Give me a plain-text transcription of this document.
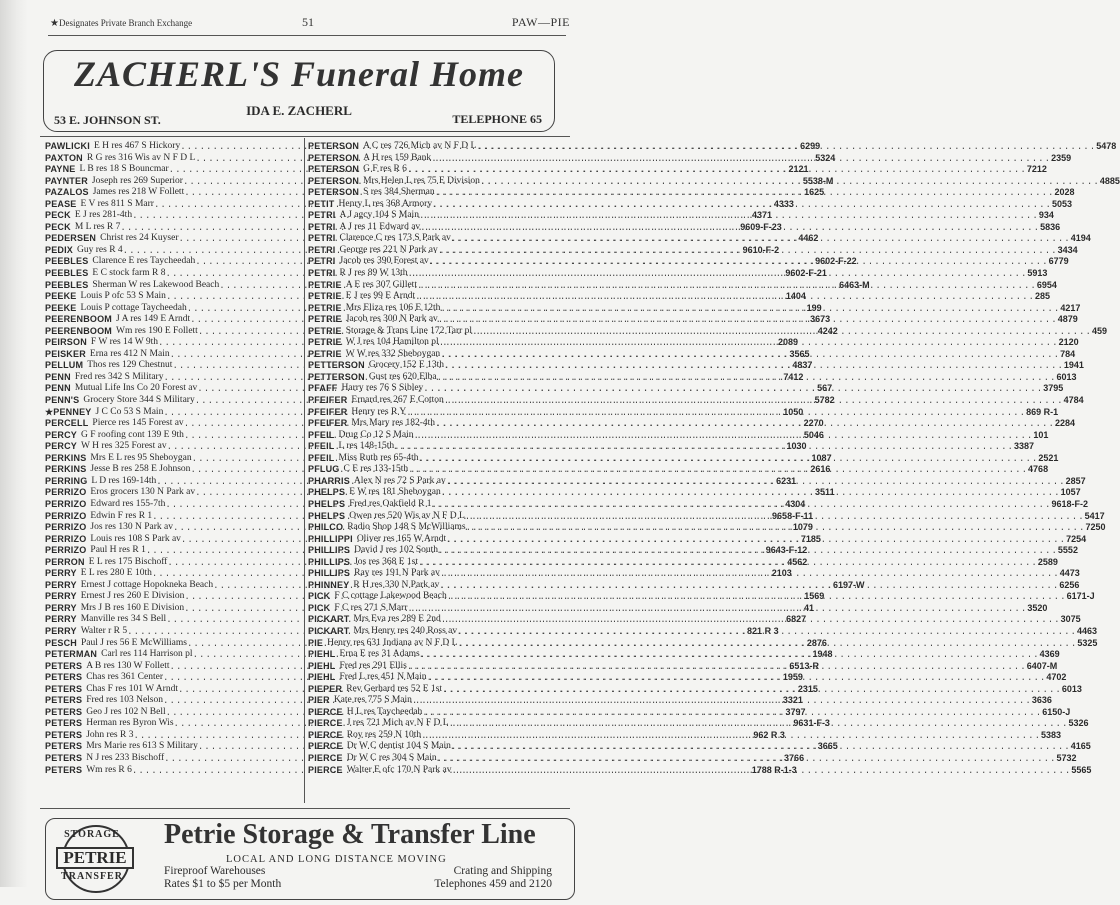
★Designates Private Branch Exchange	51	PAW—PIE
ZACHERL'S Funeral Home
IDA E. ZACHERL
53 E. JOHNSON ST.	TELEPHONE 65
PAWLICKI E H res 467 S Hickory .....	6299
PAXTON R G res 316 Wis av N F D L .....	5324
PAYNE L B res 18 S Bouncmar .....	2121
PAYNTER Joseph res 269 Superior .....	5538-M
PAZALOS James res 218 W Follett .....	1625
PEASE E V res 811 S Marr .....	4333
PECK E J res 281-4th .....	4371
PECK M L res R 7 .....	9609-F-23
PEDERSEN Christ res 24 Kuyser .....	4462
PEDIX Guy res R 4 .....	9610-F-2
PEEBLES Clarence E res Taycheedah .....	9602-F-22
PEEBLES E C stock farm R 8 .....	9602-F-21
PEEBLES Sherman W res Lakewood Beach .....	6463-M
PEEKE Louis P ofc 53 S Main .....	1404
PEEKE Louis P cottage Taycheedah .....	199
PEERENBOOM J A res 149 E Arndt .....	3673
PEERENBOOM Wm res 190 E Follett .....	4242
PEIRSON F W res 14 W 9th .....	2089
PEISKER Erna res 412 N Main .....	3565
PELLUM Thos res 129 Chestnut .....	4837
PENN Fred res 342 S Military .....	7412
PENN Mutual Life Ins Co 20 Forest av .....	567
PENN'S Grocery Store 344 S Military .....	5782
★PENNEY J C Co 53 S Main .....	1050
PERCELL Pierce res 145 Forest av .....	2270
PERCY G F roofing cont 139 E 9th .....	5046
PERCY W H res 325 Forest av .....	1030
PERKINS Mrs E L res 95 Sheboygan .....	1087
PERKINS Jesse B res 258 E Johnson .....	2616
PERRING L D res 169-14th .....	6231
PERRIZO Eros grocers 130 N Park av .....	3511
PERRIZO Edward res 155-7th .....	4304
PERRIZO Edwin F res R 1 .....	9658-F-11
PERRIZO Jos res 130 N Park av .....	1079
PERRIZO Louis res 108 S Park av .....	7185
PERRIZO Paul H res R 1 .....	9643-F-12
PERRON E L res 175 Bischoff .....	4562
PERRY E L res 280 E 10th .....	2103
PERRY Ernest J cottage Hopokneka Beach .....	6197-W
PERRY Ernest J res 260 E Division .....	1569
PERRY Mrs J B res 160 E Division .....	41
PERRY Manville res 34 S Bell .....	6827
PERRY Walter r R 5 .....	821 R 3
PESCH Paul J res 56 E McWilliams .....	2876
PETERMAN Carl res 114 Harrison pl .....	1948
PETERS A B res 130 W Follett .....	6513-R
PETERS Chas res 361 Center .....	1959
PETERS Chas F res 101 W Arndt .....	2315
PETERS Fred res 103 Nelson .....	3321
PETERS Geo J res 102 N Bell .....	3797
PETERS Herman res Byron Wis .....	9631-F-3
PETERS John res R 3 .....	962 R 3
PETERS Mrs Marie res 613 S Military .....	3665
PETERS N J res 233 Bischoff .....	3766
PETERS Wm res R 6 .....	1788 R-1-3
PETERSON A C res 726 Mich av N F D L .....	5478
PETERSON A H res 159 Bank .....	2359
PETERSON G F res R 6 .....	7212
PETERSON Mrs Helen L res 75 E Division .....	4885
PETERSON S res 384 Sherman .....	2028
PETIT Henry L res 368 Armory .....	5053
PETRI A J agcy 104 S Main .....	934
PETRI A J res 11 Edward av .....	5836
PETRI Clarence C res 173 S Park av .....	4194
PETRI George res 221 N Park av .....	3434
PETRI Jacob res 390 Forest av .....	6779
PETRI R J res 89 W 13th .....	5913
PETRIE A E res 307 Gillett .....	6954
PETRIE E J res 99 E Arndt .....	285
PETRIE Mrs Eliza res 106 E 12th .....	4217
PETRIE Jacob res 300 N Park av .....	4879
PETRIE Storage & Trans Line 172 Tarr pl .....	459
PETRIE W J res 104 Hamilton pl .....	2120
PETRIE W W res 332 Sheboygan .....	784
PETTERSON Grocery 152 E 13th .....	1941
PETTERSON Gust res 620 Elba .....	6013
PFAFF Harry res 76 S Sibley .....	3795
PFEIFER Ernard res 267 E Cotton .....	4784
PFEIFER Henry res R Y .....	869 R-1
PFEIFER Mrs Mary res 182-4th .....	2284
PFEIL Drug Co 12 S Main .....	101
PFEIL L res 148-15th .....	3387
PFEIL Miss Ruth res 65-4th .....	2521
PFLUG C E res 133-15th .....	4768
PHARRIS Alex N res 72 S Park av .....	2857
PHELPS E W res 181 Sheboygan .....	1057
PHELPS Fred res Oakfield R 1 .....	9618-F-2
PHELPS Owen res 520 Wis av N F D L .....	5417
PHILCO Radio Shop 148 S McWilliams .....	7250
PHILLIPPI Oliver res 165 W Arndt .....	7254
PHILLIPS David J res 102 South .....	5552
PHILLIPS Jos res 368 E 1st .....	2589
PHILLIPS Ray res 191 N Park av .....	4473
PHINNEY R H res 330 N Park av .....	6256
PICK F C cottage Lakewood Beach .....	6171-J
PICK F C res 271 S Marr .....	3520
PICKART Mrs Eva res 289 E 2nd .....	3075
PICKART Mrs Henry res 240 Ross av .....	4463
PIE Henry res 631 Indiana av N F D L .....	5325
PIEHL Erna E res 31 Adams .....	4369
PIEHL Fred res 291 Ellis .....	6407-M
PIEHL Fred L res 451 N Main .....	4702
PIEPER Rev Gerhard res 52 E 1st .....	6013
PIER Kate res 775 S Main .....	3636
PIERCE H L res Taycheedah .....	6150-J
PIERCE J res 721 Mich av N F D L .....	5326
PIERCE Roy res 259 N 10th .....	5383
PIERCE Dr W C dentist 104 S Main .....	4165
PIERCE Dr W C res 304 S Main .....	5732
PIERCE Walter E ofc 170 N Park av .....	5565
STORAGE
PETRIE
TRANSFER
Petrie Storage & Transfer Line
LOCAL AND LONG DISTANCE MOVING
Fireproof Warehouses	Crating and Shipping
Rates $1 to $5 per Month	Telephones 459 and 2120
